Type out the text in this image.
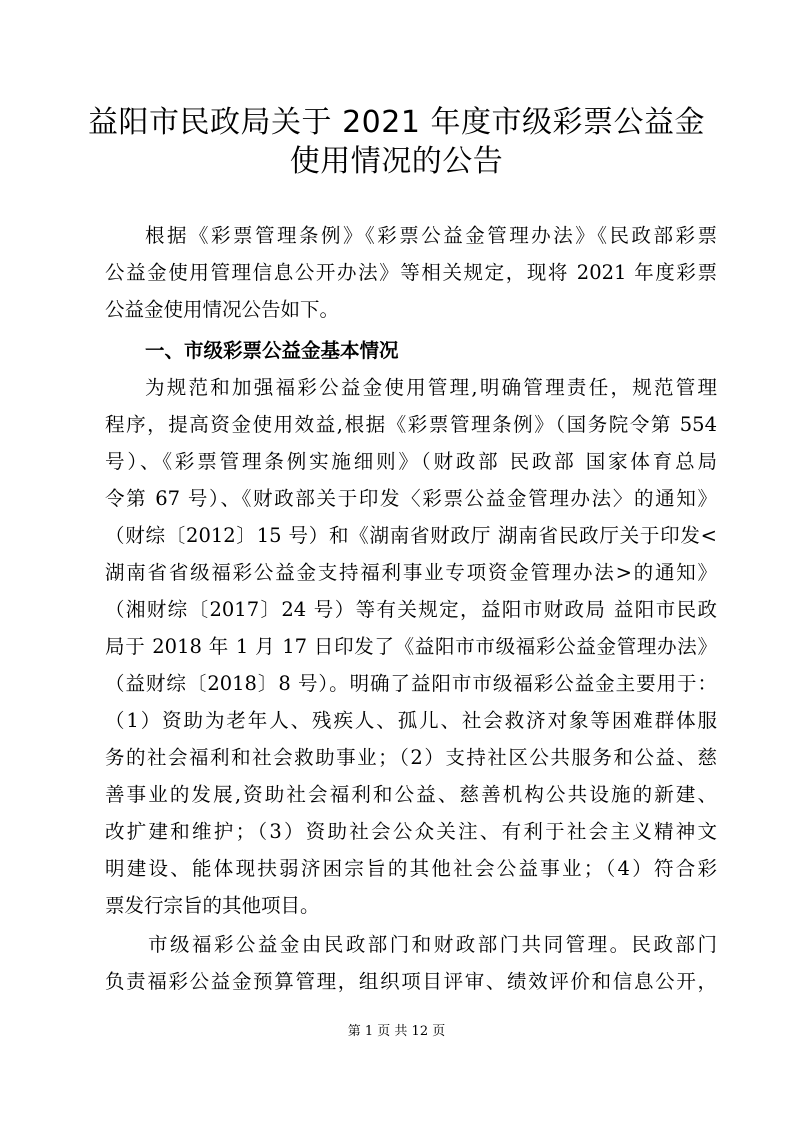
益阳市民政局关于 2021 年度市级彩票公益金
使用情况的公告
根据《彩票管理条例》《彩票公益金管理办法》《民政部彩票
公益金使用管理信息公开办法》等相关规定，现将 2021 年度彩票
公益金使用情况公告如下。
一、市级彩票公益金基本情况
为规范和加强福彩公益金使用管理,明确管理责任，规范管理
程序，提高资金使用效益,根据《彩票管理条例》（国务院令第 554
号）、《彩票管理条例实施细则》（财政部 民政部 国家体育总局
令第 67 号）、《财政部关于印发〈彩票公益金管理办法〉的通知》
（财综〔2012〕15 号）和《湖南省财政厅 湖南省民政厅关于印发<
湖南省省级福彩公益金支持福利事业专项资金管理办法>的通知》
（湘财综〔2017〕24 号）等有关规定，益阳市财政局 益阳市民政
局于 2018 年 1 月 17 日印发了《益阳市市级福彩公益金管理办法》
（益财综〔2018〕8 号）。明确了益阳市市级福彩公益金主要用于：
（1）资助为老年人、残疾人、孤儿、社会救济对象等困难群体服
务的社会福利和社会救助事业；（2）支持社区公共服务和公益、慈
善事业的发展,资助社会福利和公益、慈善机构公共设施的新建、
改扩建和维护；（3）资助社会公众关注、有利于社会主义精神文
明建设、能体现扶弱济困宗旨的其他社会公益事业；（4）符合彩
票发行宗旨的其他项目。
市级福彩公益金由民政部门和财政部门共同管理。民政部门
负责福彩公益金预算管理，组织项目评审、绩效评价和信息公开，
第 1 页 共 12 页
